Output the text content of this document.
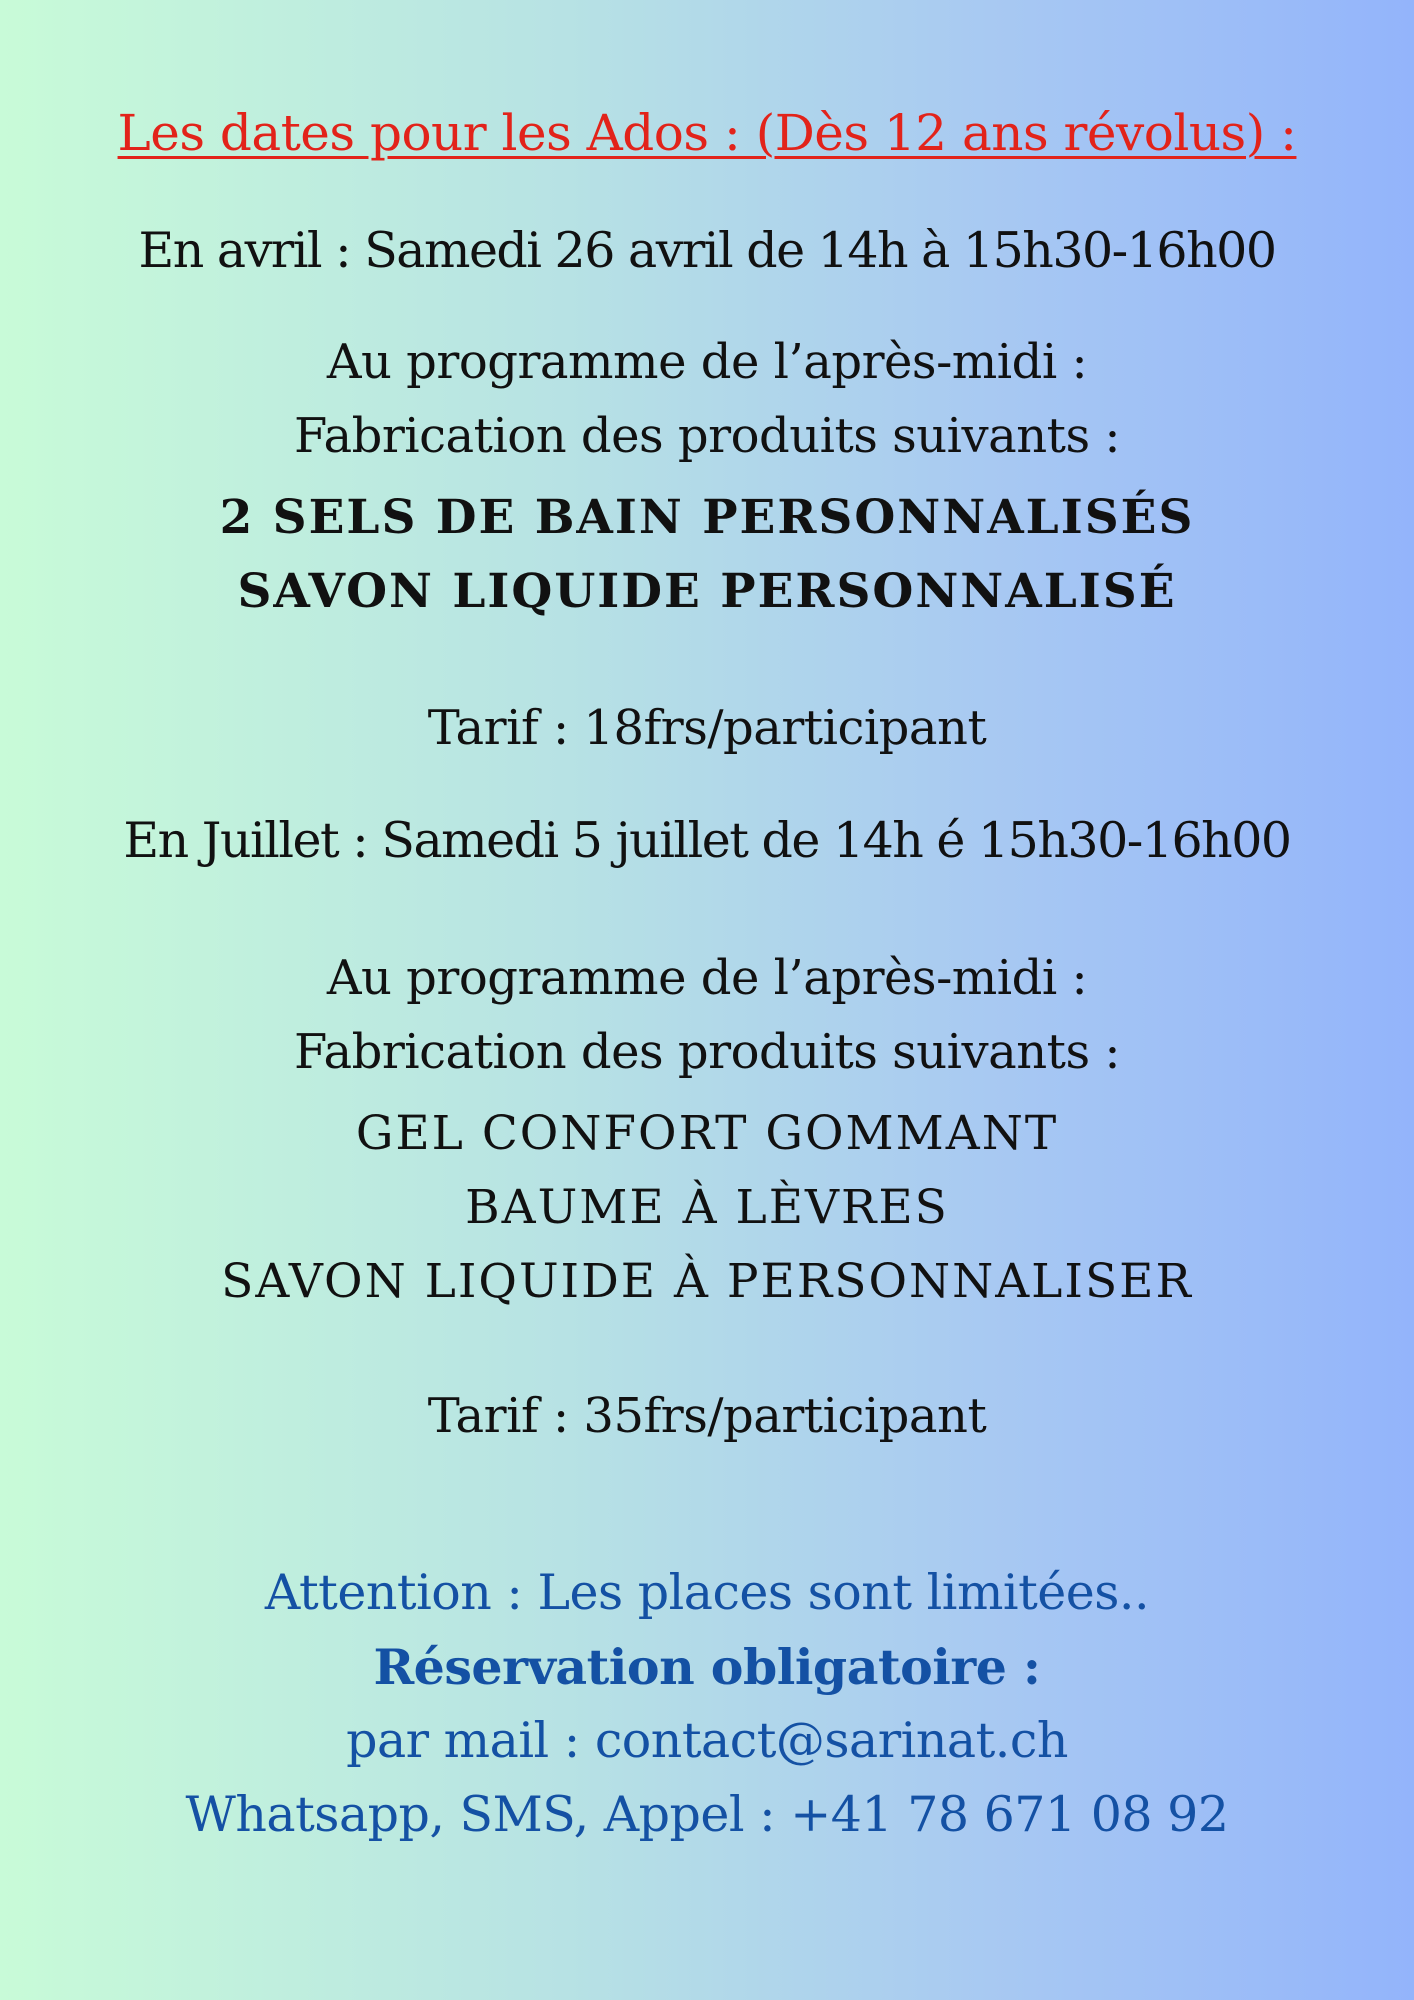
Les dates pour les Ados : (Dès 12 ans révolus) :
En avril : Samedi 26 avril de 14h à 15h30-16h00
Au programme de l’après-midi :
Fabrication des produits suivants :
2 SELS DE BAIN PERSONNALISÉS
SAVON LIQUIDE PERSONNALISÉ
Tarif : 18frs/participant
En Juillet : Samedi 5 juillet de 14h é 15h30-16h00
Au programme de l’après-midi :
Fabrication des produits suivants :
GEL CONFORT GOMMANT
BAUME À LÈVRES
SAVON LIQUIDE À PERSONNALISER
Tarif : 35frs/participant
Attention : Les places sont limitées..
Réservation obligatoire :
par mail : contact@sarinat.ch
Whatsapp, SMS, Appel : +41 78 671 08 92
